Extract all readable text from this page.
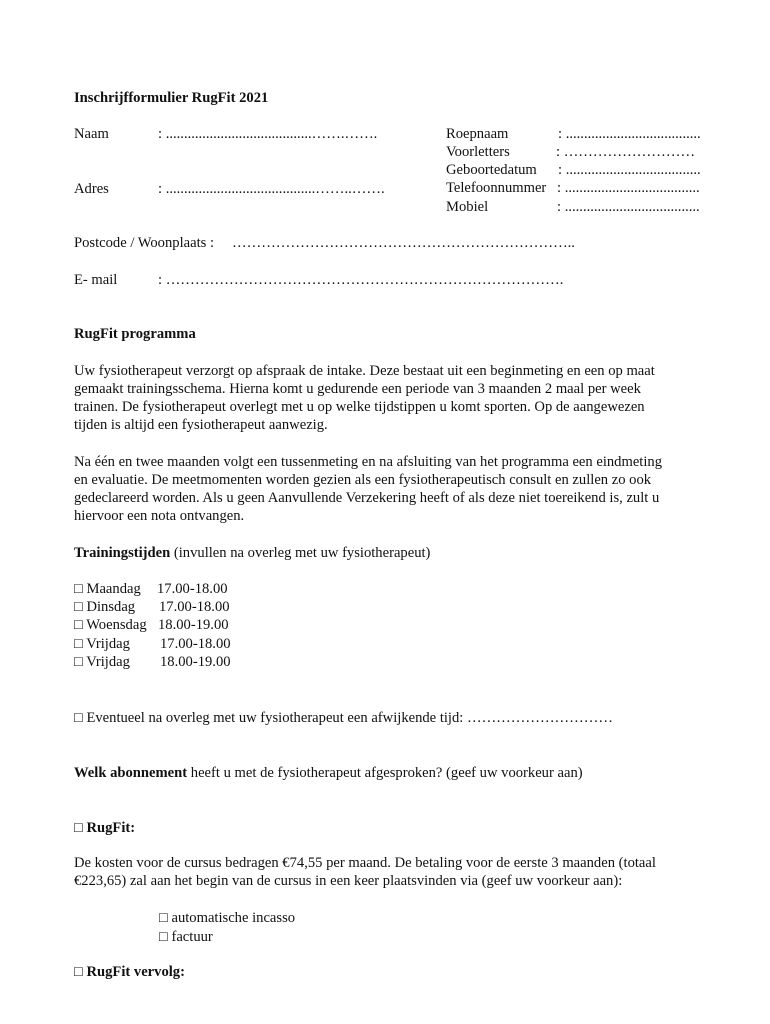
Inschrijfformulier RugFit 2021
Naam	: ........................................…….…….
Adres	: .........................................……..…….
Roepnaam	: .....................................
Voorletters	: ………………………
Geboortedatum : .....................................
Telefoonnummer : .....................................
Mobiel	: .....................................
Postcode / Woonplaats : ……………………………………………………………..
E- mail	: ……………………………………………………………………….
RugFit programma
Uw fysiotherapeut verzorgt op afspraak de intake. Deze bestaat uit een beginmeting en een op maat
gemaakt trainingsschema. Hierna komt u gedurende een periode van 3 maanden 2 maal per week
trainen. De fysiotherapeut overlegt met u op welke tijdstippen u komt sporten. Op de aangewezen
tijden is altijd een fysiotherapeut aanwezig.
Na één en twee maanden volgt een tussenmeting en na afsluiting van het programma een eindmeting
en evaluatie. De meetmomenten worden gezien als een fysiotherapeutisch consult en zullen zo ook
gedeclareerd worden. Als u geen Aanvullende Verzekering heeft of als deze niet toereikend is, zult u
hiervoor een nota ontvangen.
Trainingstijden (invullen na overleg met uw fysiotherapeut)
□ Maandag 17.00-18.00
□ Dinsdag 17.00-18.00
□ Woensdag 18.00-19.00
□ Vrijdag 17.00-18.00
□ Vrijdag 18.00-19.00
□ Eventueel na overleg met uw fysiotherapeut een afwijkende tijd: …………………………
Welk abonnement heeft u met de fysiotherapeut afgesproken? (geef uw voorkeur aan)
□ RugFit:
De kosten voor de cursus bedragen €74,55 per maand. De betaling voor de eerste 3 maanden (totaal
€223,65) zal aan het begin van de cursus in een keer plaatsvinden via (geef uw voorkeur aan):
□ automatische incasso
□ factuur
□ RugFit vervolg:
